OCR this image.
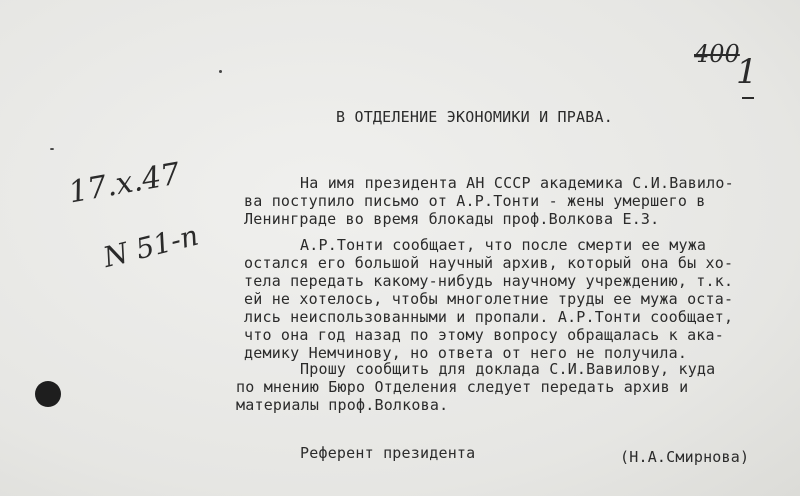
400
1
В ОТДЕЛЕНИЕ ЭКОНОМИКИ И ПРАВА.
17.х.47
N 51-п
На имя президента АН СССР академика С.И.Вавило-
ва поступило письмо от А.Р.Тонти - жены умершего в
Ленинграде во время блокады проф.Волкова Е.З.
А.Р.Тонти сообщает, что после смерти ее мужа
остался его большой научный архив, который она бы хо-
тела передать какому-нибудь научному учреждению, т.к.
ей не хотелось, чтобы многолетние труды ее мужа оста-
лись неиспользованными и пропали. А.Р.Тонти сообщает,
что она год назад по этому вопросу обращалась к ака-
демику Немчинову, но ответа от него не получила.
Прошу сообщить для доклада С.И.Вавилову, куда
по мнению Бюро Отделения следует передать архив и
материалы проф.Волкова.
Референт президента	(Н.А.Смирнова)
